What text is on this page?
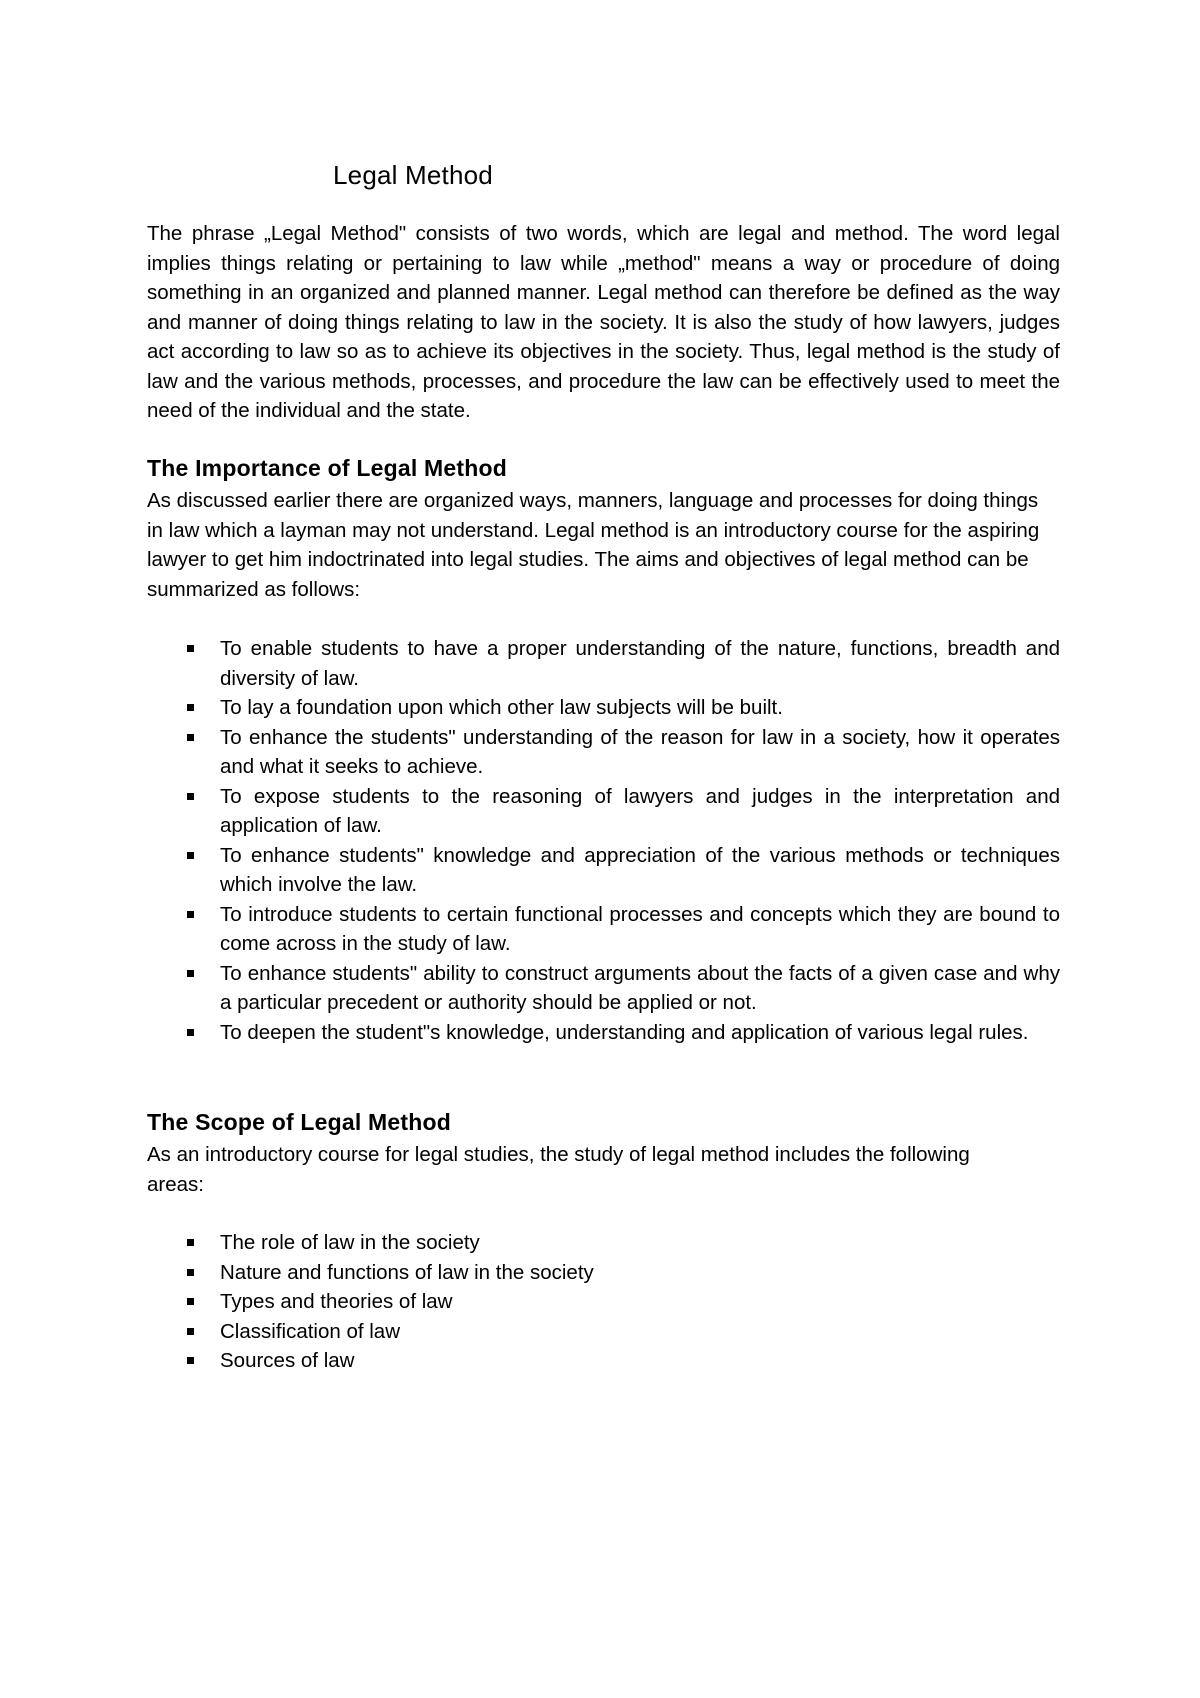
Legal Method

The phrase „Legal Method" consists of two words, which are legal and method. The word legal implies things relating or pertaining to law while „method" means a way or procedure of doing something in an organized and planned manner. Legal method can therefore be defined as the way and manner of doing things relating to law in the society. It is also the study of how lawyers, judges act according to law so as to achieve its objectives in the society. Thus, legal method is the study of law and the various methods, processes, and procedure the law can be effectively used to meet the need of the individual and the state.

The Importance of Legal Method

As discussed earlier there are organized ways, manners, language and processes for doing things in law which a layman may not understand. Legal method is an introductory course for the aspiring lawyer to get him indoctrinated into legal studies. The aims and objectives of legal method can be summarized as follows:

To enable students to have a proper understanding of the nature, functions, breadth and diversity of law.
To lay a foundation upon which other law subjects will be built.
To enhance the students" understanding of the reason for law in a society, how it operates and what it seeks to achieve.
To expose students to the reasoning of lawyers and judges in the interpretation and application of law.
To enhance students" knowledge and appreciation of the various methods or techniques which involve the law.
To introduce students to certain functional processes and concepts which they are bound to come across in the study of law.
To enhance students" ability to construct arguments about the facts of a given case and why a particular precedent or authority should be applied or not.
To deepen the student"s knowledge, understanding and application of various legal rules.
The Scope of Legal Method

As an introductory course for legal studies, the study of legal method includes the following areas:

The role of law in the society
Nature and functions of law in the society
Types and theories of law
Classification of law
Sources of law
